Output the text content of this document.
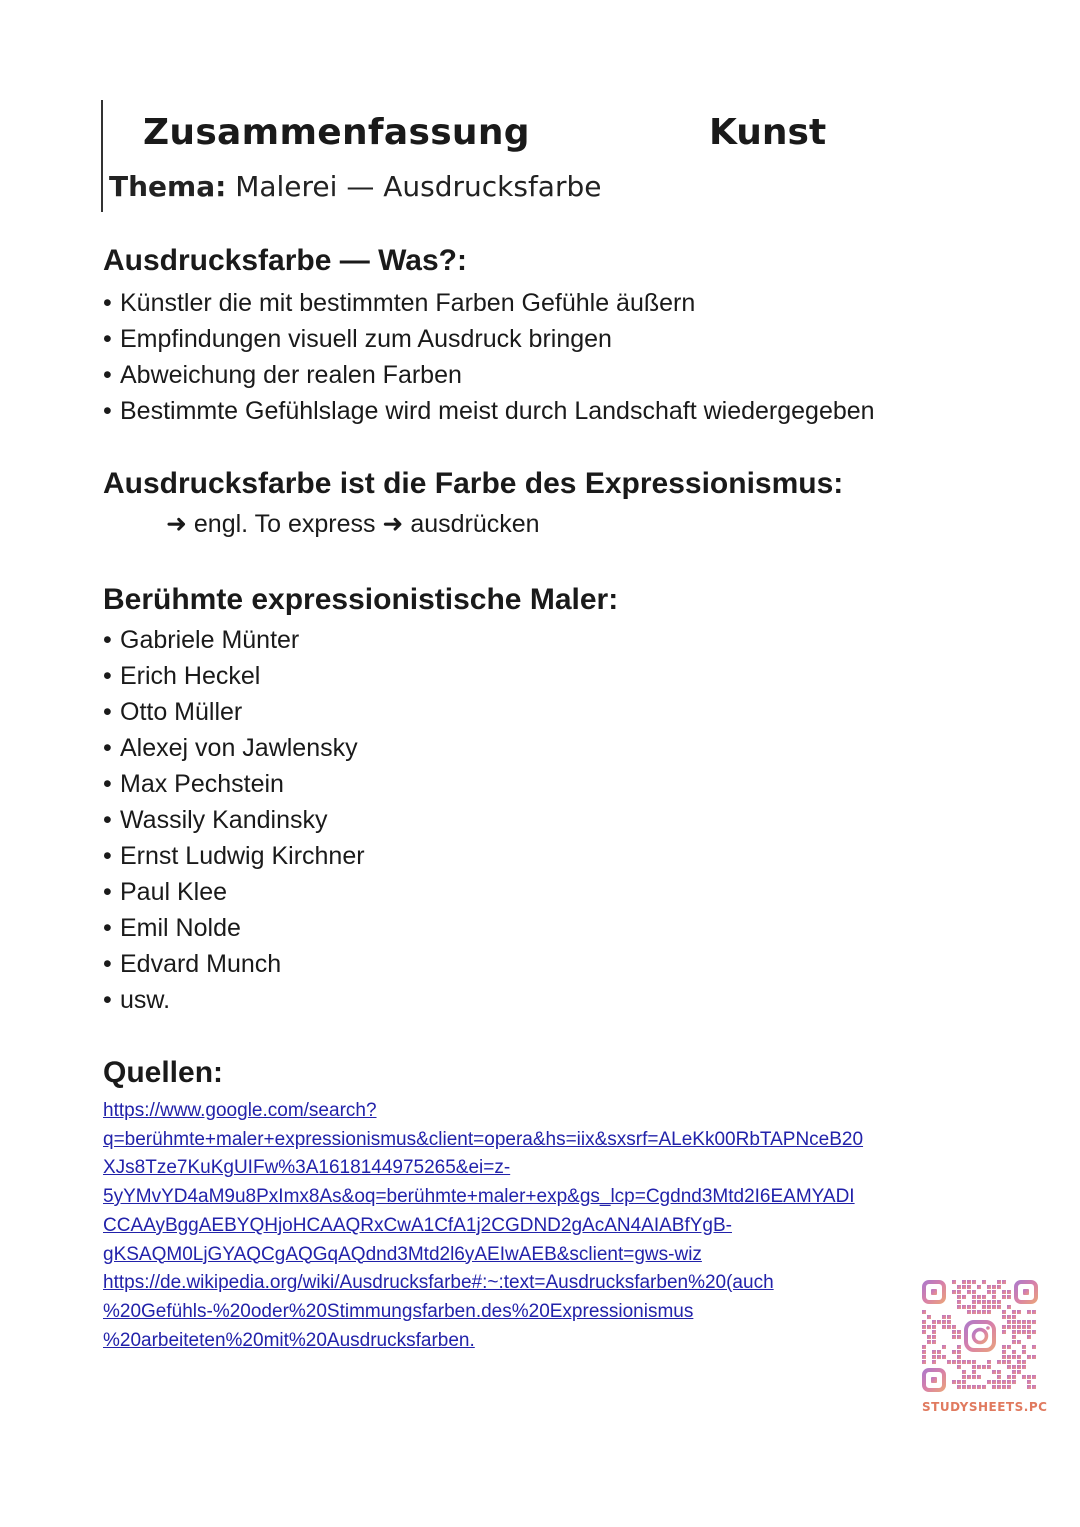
Zusammenfassung	Kunst
Thema: Malerei — Ausdrucksfarbe
Ausdrucksfarbe — Was?:
• Künstler die mit bestimmten Farben Gefühle äußern
• Empfindungen visuell zum Ausdruck bringen
• Abweichung der realen Farben
• Bestimmte Gefühlslage wird meist durch Landschaft wiedergegeben
Ausdrucksfarbe ist die Farbe des Expressionismus:
➜ engl. To express ➜ ausdrücken
Berühmte expressionistische Maler:
• Gabriele Münter
• Erich Heckel
• Otto Müller
• Alexej von Jawlensky
• Max Pechstein
• Wassily Kandinsky
• Ernst Ludwig Kirchner
• Paul Klee
• Emil Nolde
• Edvard Munch
• usw.
Quellen:
https://www.google.com/search?
q=berühmte+maler+expressionismus&client=opera&hs=iix&sxsrf=ALeKk00RbTAPNceB20
XJs8Tze7KuKgUIFw%3A1618144975265&ei=z-
5yYMvYD4aM9u8PxImx8As&oq=berühmte+maler+exp&gs_lcp=Cgdnd3Mtd2I6EAMYADI
CCAAyBggAEBYQHjoHCAAQRxCwA1CfA1j2CGDND2gAcAN4AIABfYgB-
gKSAQM0LjGYAQCgAQGqAQdnd3Mtd2l6yAEIwAEB&sclient=gws-wiz
https://de.wikipedia.org/wiki/Ausdrucksfarbe#:~:text=Ausdrucksfarben%20(auch
%20Gefühls-%20oder%20Stimmungsfarben.des%20Expressionismus
%20arbeiteten%20mit%20Ausdrucksfarben.
STUDYSHEETS.PC
